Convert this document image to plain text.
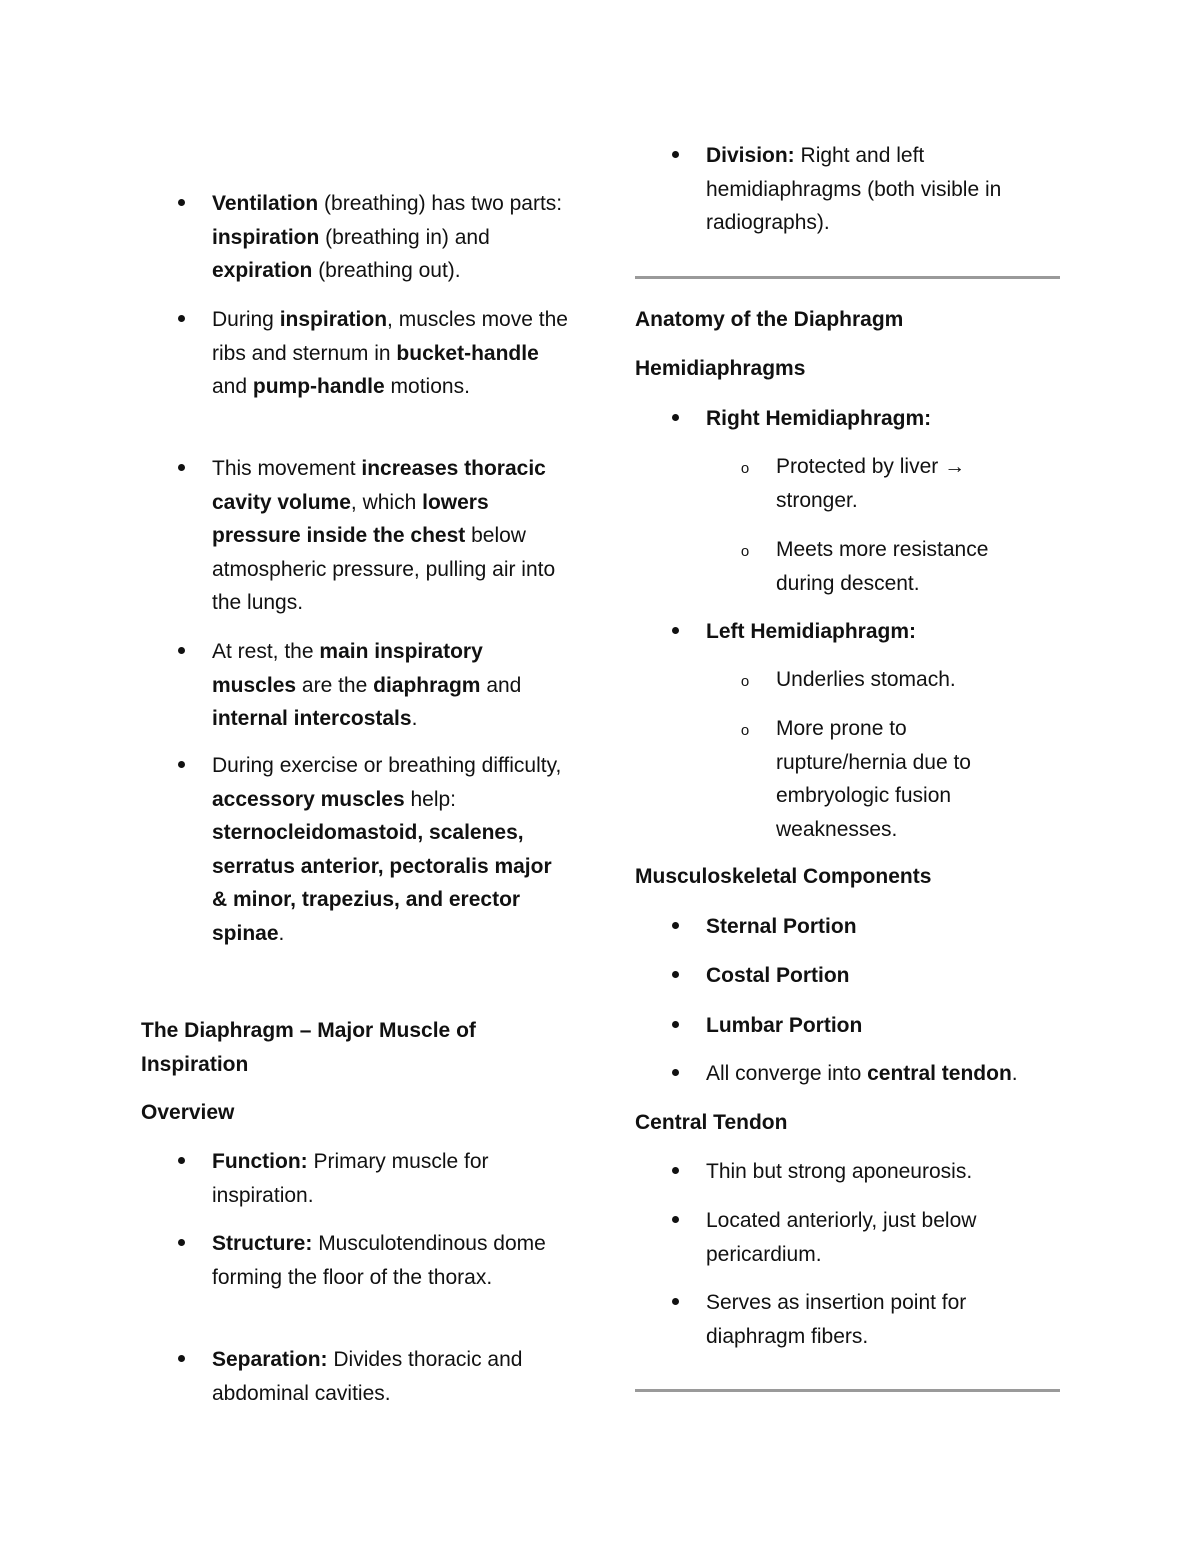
Ventilation (breathing) has two parts: inspiration (breathing in) and expiration (breathing out).
During inspiration, muscles move the ribs and sternum in bucket-handle and pump-handle motions.
This movement increases thoracic cavity volume, which lowers pressure inside the chest below atmospheric pressure, pulling air into the lungs.
At rest, the main inspiratory muscles are the diaphragm and internal intercostals.
During exercise or breathing difficulty, accessory muscles help: sternocleidomastoid, scalenes, serratus anterior, pectoralis major & minor, trapezius, and erector spinae.
The Diaphragm – Major Muscle of Inspiration
Overview
Function: Primary muscle for inspiration.
Structure: Musculotendinous dome forming the floor of the thorax.
Separation: Divides thoracic and abdominal cavities.
Division: Right and left hemidiaphragms (both visible in radiographs).
Anatomy of the Diaphragm
Hemidiaphragms
Right Hemidiaphragm:
o
Protected by liver → stronger.
o
Meets more resistance during descent.
Left Hemidiaphragm:
o
Underlies stomach.
o
More prone to rupture/hernia due to embryologic fusion weaknesses.
Musculoskeletal Components
Sternal Portion
Costal Portion
Lumbar Portion
All converge into central tendon.
Central Tendon
Thin but strong aponeurosis.
Located anteriorly, just below pericardium.
Serves as insertion point for diaphragm fibers.
